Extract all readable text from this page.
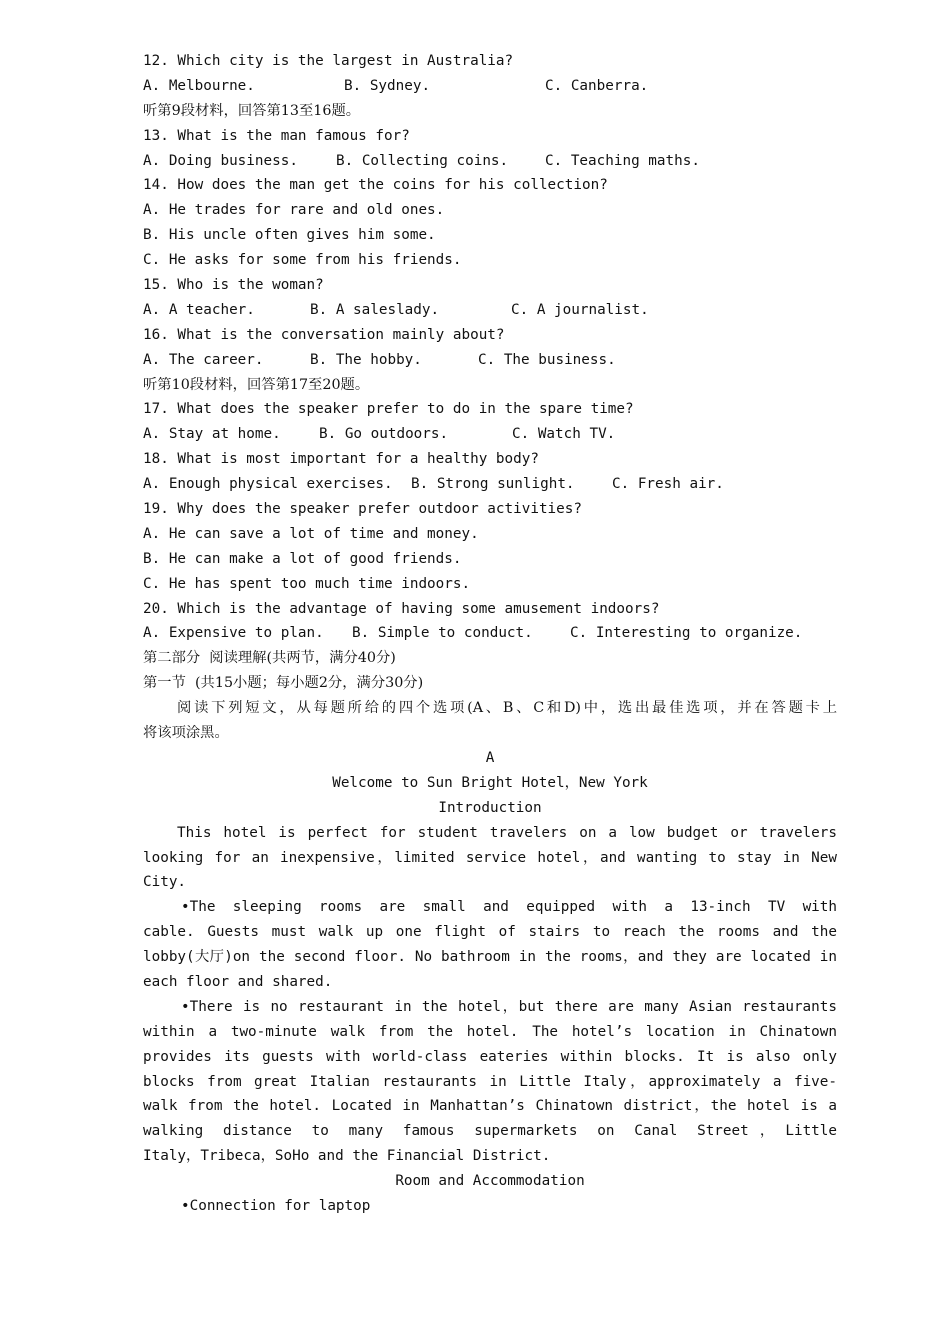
12. Which city is the largest in Australia?
A. Melbourne.	B. Sydney.	C. Canberra.
听第9段材料，回答第13至16题。
13. What is the man famous for?
A. Doing business.	B. Collecting coins.	C. Teaching maths.
14. How does the man get the coins for his collection?
A. He trades for rare and old ones.
B. His uncle often gives him some.
C. He asks for some from his friends.
15. Who is the woman?
A. A teacher.	B. A saleslady.	C. A journalist.
16. What is the conversation mainly about?
A. The career.	B. The hobby.	C. The business.
听第10段材料，回答第17至20题。
17. What does the speaker prefer to do in the spare time?
A. Stay at home.	B. Go outdoors.	C. Watch TV.
18. What is most important for a healthy body?
A. Enough physical exercises.	B. Strong sunlight.	C. Fresh air.
19. Why does the speaker prefer outdoor activities?
A. He can save a lot of time and money.
B. He can make a lot of good friends.
C. He has spent too much time indoors.
20. Which is the advantage of having some amusement indoors?
A. Expensive to plan.	B. Simple to conduct.	C. Interesting to organize.
第二部分  阅读理解(共两节，满分40分)
第一节  (共15小题；每小题2分，满分30分)
阅读下列短文，从每题所给的四个选项(A、B、C和D)中，选出最佳选项，并在答题卡上
将该项涂黑。
A
Welcome to Sun Bright Hotel，New York
Introduction
This hotel is perfect for student travelers on a low budget or travelers
looking for an inexpensive，limited service hotel，and wanting to stay in New
City.
•The sleeping rooms are small and equipped with a 13-inch TV with
cable. Guests must walk up one flight of stairs to reach the rooms and the
lobby(大厅)on the second floor. No bathroom in the rooms，and they are located in
each floor and shared.
•There is no restaurant in the hotel，but there are many Asian restaurants
within a two-minute walk from the hotel. The hotel’s location in Chinatown
provides its guests with world-class eateries within blocks. It is also only
blocks from great Italian restaurants in Little Italy，approximately a five-
walk from the hotel. Located in Manhattan’s Chinatown district，the hotel is a
walking distance to many famous supermarkets on Canal Street，Little
Italy，Tribeca，SoHo and the Financial District.
Room and Accommodation
•Connection for laptop
